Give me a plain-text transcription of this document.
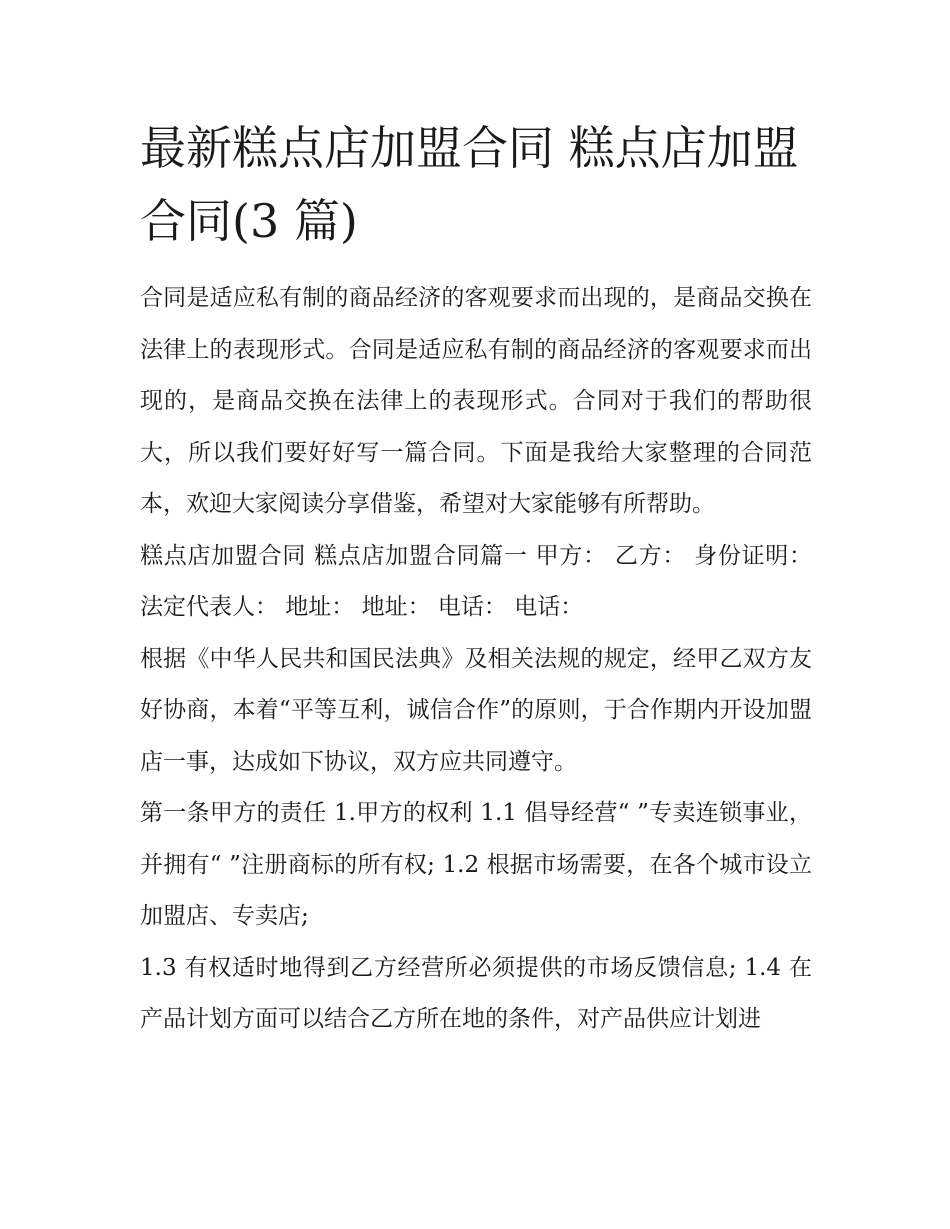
最新糕点店加盟合同 糕点店加盟合同(3 篇)

合同是适应私有制的商品经济的客观要求而出现的，是商品交换在法律上的表现形式。合同是适应私有制的商品经济的客观要求而出现的，是商品交换在法律上的表现形式。合同对于我们的帮助很大，所以我们要好好写一篇合同。下面是我给大家整理的合同范本，欢迎大家阅读分享借鉴，希望对大家能够有所帮助。

糕点店加盟合同 糕点店加盟合同篇一 甲方： 乙方： 身份证明： 法定代表人： 地址： 地址： 电话： 电话：

根据《中华人民共和国民法典》及相关法规的规定，经甲乙双方友好协商，本着“平等互利，诚信合作”的原则，于合作期内开设加盟店一事，达成如下协议，双方应共同遵守。

第一条甲方的责任 1.甲方的权利 1.1 倡导经营“ ”专卖连锁事业，并拥有“ ”注册商标的所有权; 1.2 根据市场需要，在各个城市设立加盟店、专卖店;

1.3 有权适时地得到乙方经营所必须提供的市场反馈信息; 1.4 在产品计划方面可以结合乙方所在地的条件，对产品供应计划进
